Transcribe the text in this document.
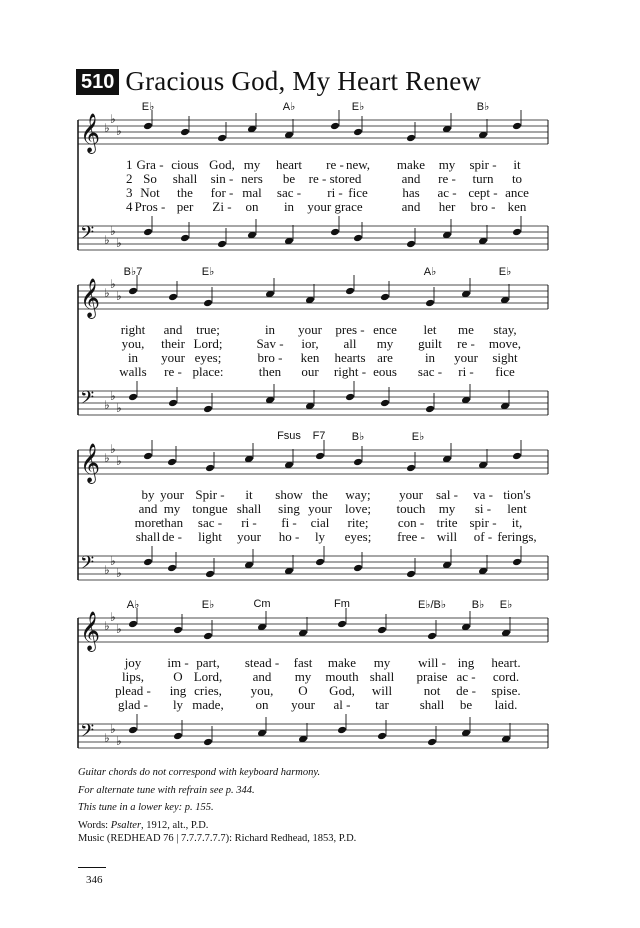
510 Gracious God, My Heart Renew
E♭	A♭	E♭	B♭
𝄞 ♭
♭
♭
𝄢 ♭
♭
♭
1 Gra - cious God, my heart re - new, make my spir - it
2 So shall sin - ners be re - stored	and re - turn to
3 Not the for - mal sac - ri - fice	has ac - cept - ance
4 Pros - per Zi - on in your grace	and her bro - ken
B♭7	E♭	A♭	E♭
𝄞 ♭
♭
♭
𝄢 ♭
♭
♭
right and true;	in your pres - ence let me stay,
you, their Lord;	Sav - ior, all my guilt re - move,
in your eyes;	bro - ken hearts are in your sight
walls re - place:	then our right - eous sac - ri - fice
Fsus F7 B♭	E♭
𝄞 ♭
♭
♭
𝄢 ♭
♭
♭
by your Spir - it show the way; your sal - va - tion's
and my tongue shall sing your love; touch my si - lent
more than sac - ri - fi - cial rite; con - trite spir - it,
shall de - light your ho - ly eyes; free - will of - ferings,
A♭	E♭	Cm	Fm	E♭/B♭ B♭ E♭
𝄞 ♭
♭
♭
𝄢 ♭
♭
♭
joy im - part, stead - fast make my will - ing heart.
lips, O Lord, and my mouth shall praise ac - cord.
plead - ing cries, you, O God, will not de - spise.
glad - ly made, on your al - tar shall be laid.
Guitar chords do not correspond with keyboard harmony.
For alternate tune with refrain see p. 344.
This tune in a lower key: p. 155.
Words: Psalter, 1912, alt., P.D.
Music (REDHEAD 76 | 7.7.7.7.7.7): Richard Redhead, 1853, P.D.
346
